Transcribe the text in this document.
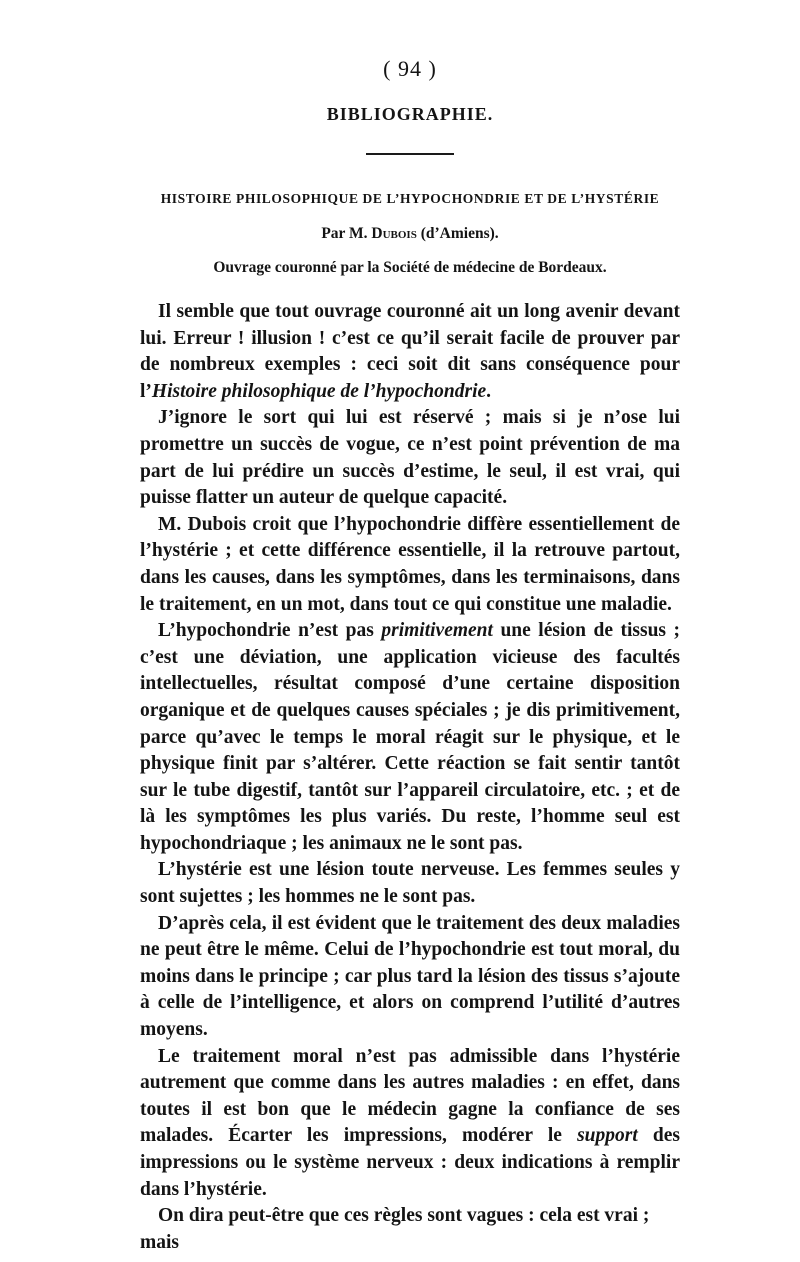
( 94 )
BIBLIOGRAPHIE.
HISTOIRE PHILOSOPHIQUE DE L’HYPOCHONDRIE ET DE L’HYSTÉRIE
Par M. Dubois (d’Amiens).
Ouvrage couronné par la Société de médecine de Bordeaux.

Il semble que tout ouvrage couronné ait un long avenir devant lui. Erreur ! illusion ! c’est ce qu’il serait facile de prouver par de nombreux exemples : ceci soit dit sans conséquence pour l’Histoire philosophique de l’hypochondrie.

J’ignore le sort qui lui est réservé ; mais si je n’ose lui promettre un succès de vogue, ce n’est point prévention de ma part de lui prédire un succès d’estime, le seul, il est vrai, qui puisse flatter un auteur de quelque capacité.

M. Dubois croit que l’hypochondrie diffère essentiellement de l’hystérie ; et cette différence essentielle, il la retrouve partout, dans les causes, dans les symptômes, dans les terminaisons, dans le traitement, en un mot, dans tout ce qui constitue une maladie.

L’hypochondrie n’est pas primitivement une lésion de tissus ; c’est une déviation, une application vicieuse des facultés intellectuelles, résultat composé d’une certaine disposition organique et de quelques causes spéciales ; je dis primitivement, parce qu’avec le temps le moral réagit sur le physique, et le physique finit par s’altérer. Cette réaction se fait sentir tantôt sur le tube digestif, tantôt sur l’appareil circulatoire, etc. ; et de là les symptômes les plus variés. Du reste, l’homme seul est hypochondriaque ; les animaux ne le sont pas.

L’hystérie est une lésion toute nerveuse. Les femmes seules y sont sujettes ; les hommes ne le sont pas.

D’après cela, il est évident que le traitement des deux maladies ne peut être le même. Celui de l’hypochondrie est tout moral, du moins dans le principe ; car plus tard la lésion des tissus s’ajoute à celle de l’intelligence, et alors on comprend l’utilité d’autres moyens.

Le traitement moral n’est pas admissible dans l’hystérie autrement que comme dans les autres maladies : en effet, dans toutes il est bon que le médecin gagne la confiance de ses malades. Écarter les impressions, modérer le support des impressions ou le système nerveux : deux indications à remplir dans l’hystérie.

On dira peut-être que ces règles sont vagues : cela est vrai ; mais
